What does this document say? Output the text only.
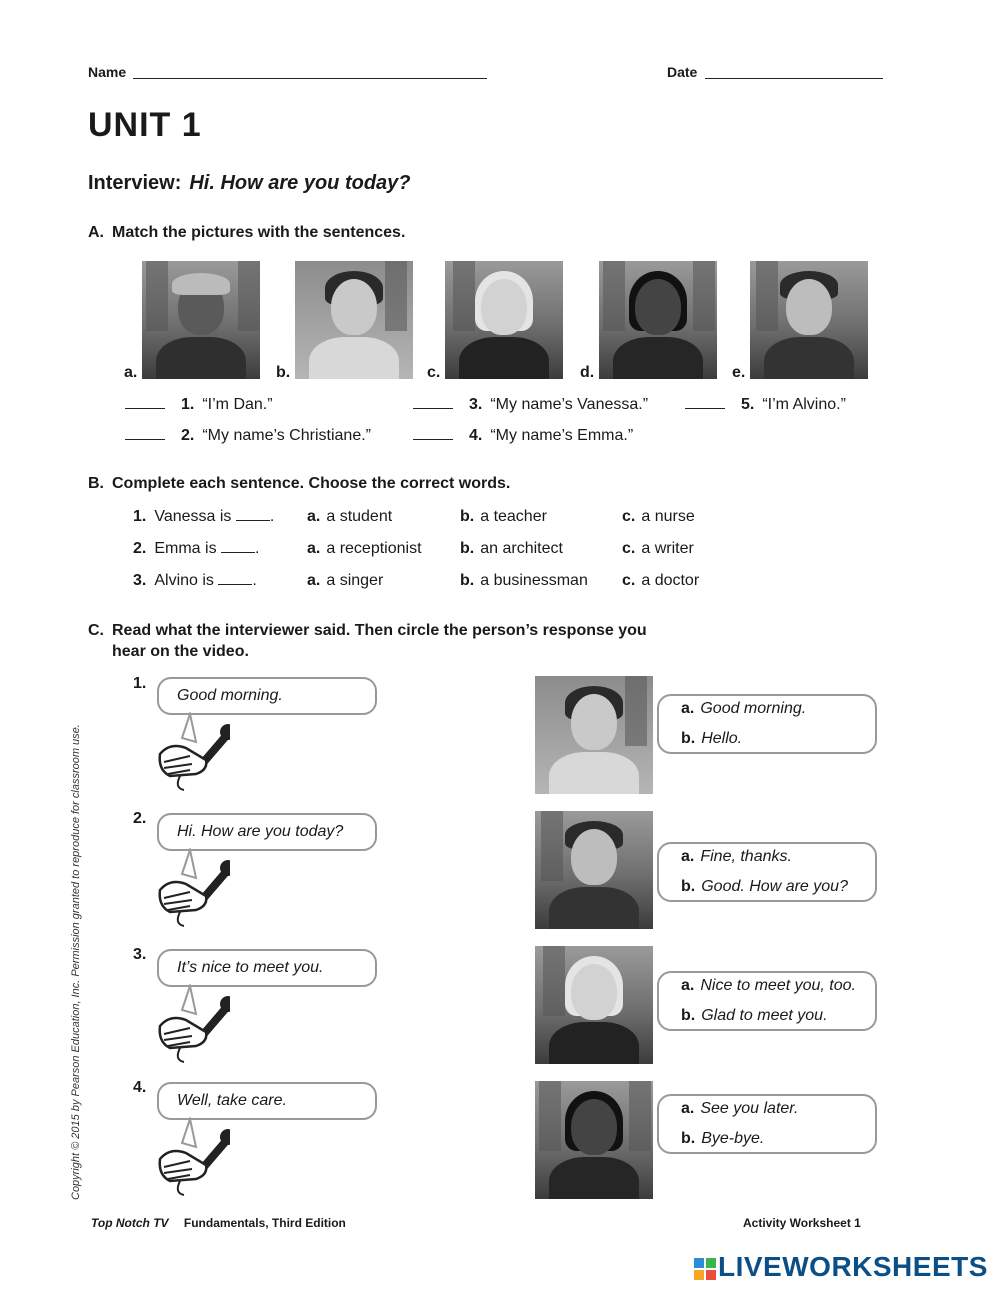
Name	Date
UNIT 1
Interview: Hi. How are you today?
A. Match the pictures with the sentences.
a.	b.	c.	d.	e.
1. “I’m Dan.”
2. “My name’s Christiane.”
3. “My name’s Vanessa.”
4. “My name’s Emma.”
5. “I’m Alvino.”
B. Complete each sentence. Choose the correct words.
1. Vanessa is . a. a student	b. a teacher	c. a nurse
2. Emma is .	a. a receptionist b. an architect	c. a writer
3. Alvino is .	a. a singer	b. a businessman c. a doctor
C. Read what the interviewer said. Then circle the person’s response you
hear on the video.
1.
Good morning.
a. Good morning.
b. Hello.
2.
Hi. How are you today?
a. Fine, thanks.
b. Good. How are you?
3.
It’s nice to meet you.
a. Nice to meet you, too.
b. Glad to meet you.
4.
Well, take care.	a. See you later.
b. Bye-bye.
Copyright © 2015 by Pearson Education, Inc. Permission granted to reproduce for classroom use.
Top Notch TV Fundamentals, Third Edition	Activity Worksheet 1
LIVEWORKSHEETS
